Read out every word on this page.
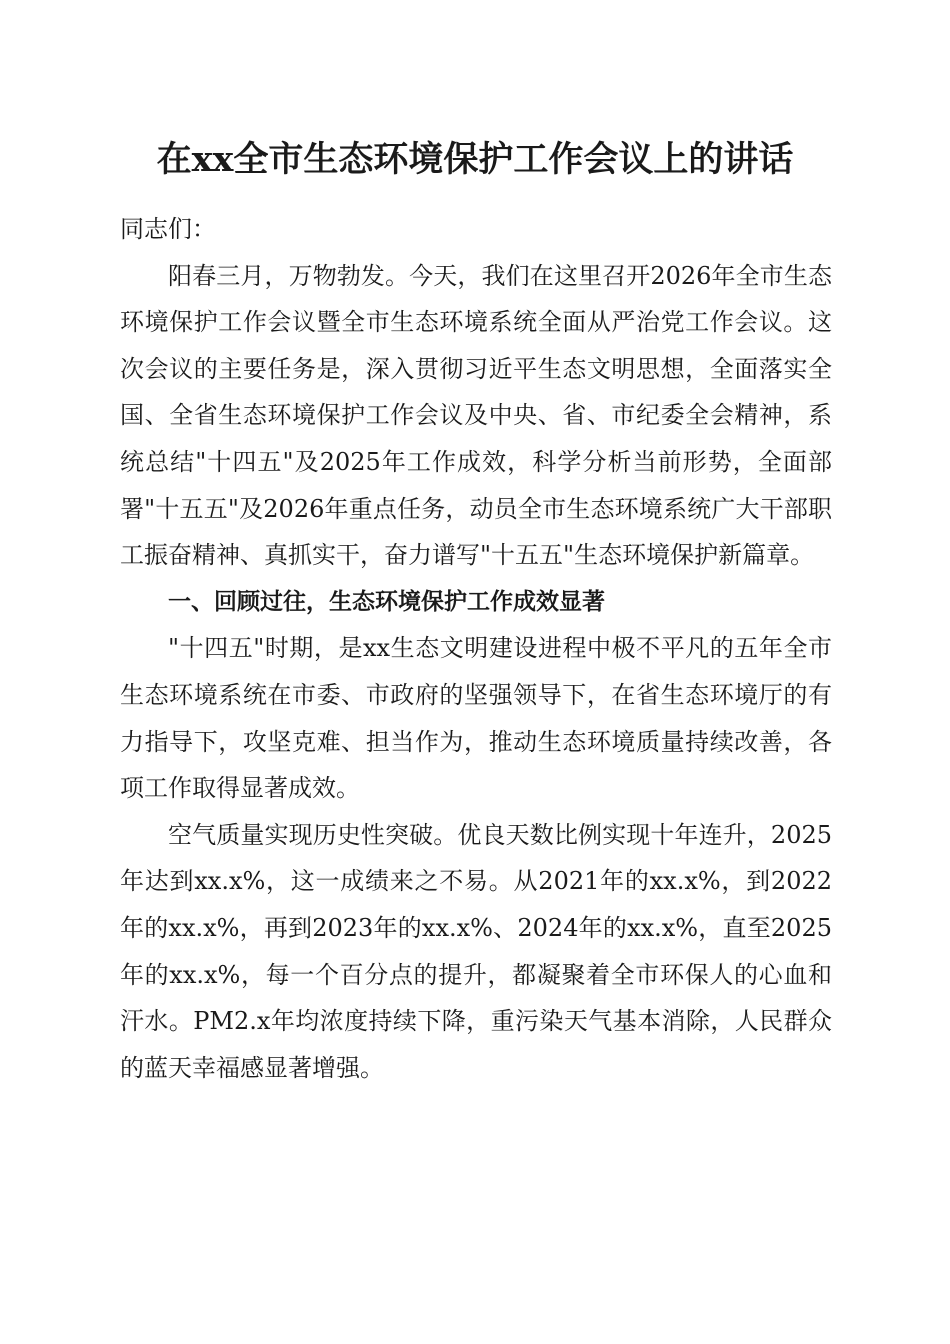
在xx全市生态环境保护工作会议上的讲话

同志们：

阳春三月，万物勃发。今天，我们在这里召开2026年全市生态环境保护工作会议暨全市生态环境系统全面从严治党工作会议。这次会议的主要任务是，深入贯彻习近平生态文明思想，全面落实全国、全省生态环境保护工作会议及中央、省、市纪委全会精神，系统总结"十四五"及2025年工作成效，科学分析当前形势，全面部署"十五五"及2026年重点任务，动员全市生态环境系统广大干部职工振奋精神、真抓实干，奋力谱写"十五五"生态环境保护新篇章。

一、回顾过往，生态环境保护工作成效显著

"十四五"时期，是xx生态文明建设进程中极不平凡的五年全市生态环境系统在市委、市政府的坚强领导下，在省生态环境厅的有力指导下，攻坚克难、担当作为，推动生态环境质量持续改善，各项工作取得显著成效。

空气质量实现历史性突破。优良天数比例实现十年连升，2025年达到xx.x%，这一成绩来之不易。从2021年的xx.x%，到2022年的xx.x%，再到2023年的xx.x%、2024年的xx.x%，直至2025年的xx.x%，每一个百分点的提升，都凝聚着全市环保人的心血和汗水。PM2.x年均浓度持续下降，重污染天气基本消除，人民群众的蓝天幸福感显著增强。
